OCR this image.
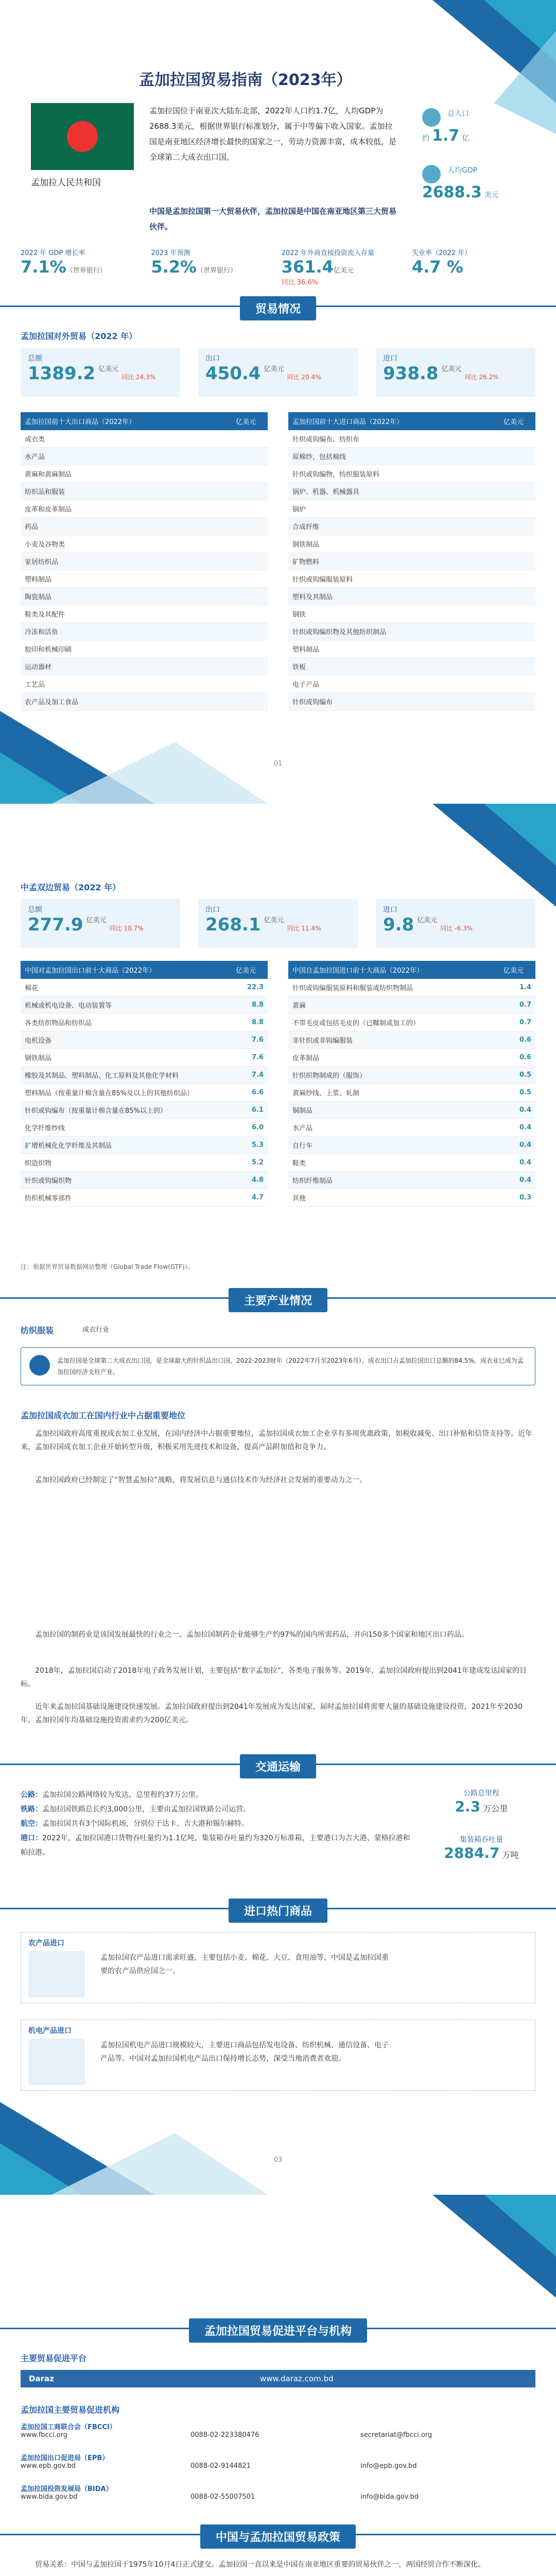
孟加拉国贸易指南（2023年）
孟加拉人民共和国
孟加拉国位于南亚次大陆东北部，2022年人口约1.7亿，人均GDP为2688.3美元，根据世界银行标准划分，属于中等偏下收入国家。孟加拉国是南亚地区经济增长最快的国家之一，劳动力资源丰富，成本较低，是全球第二大成衣出口国。
中国是孟加拉国第一大贸易伙伴，孟加拉国是中国在南亚地区第三大贸易伙伴。
总人口
约 1.7 亿
人均GDP
2688.3 美元
2022 年 GDP 增长率
7.1%（世界银行）
2023 年预测
5.2%（世界银行）
2022 年外商直接投资流入存量
361.4亿美元
同比 36.6%
失业率（2022 年）
4.7 %
贸易情况
孟加拉国对外贸易（2022 年）
总额
1389.2 亿美元同比 24.3%
出口
450.4 亿美元同比 20.4%
进口
938.8 亿美元同比 26.2%
孟加拉国前十大出口商品（2022年）	亿美元
成衣类	
水产品	
黄麻和黄麻制品	
纺织品和服装	
皮革和皮革制品	
药品	
小麦及谷物类	
家居纺织品	
塑料制品	
陶瓷制品	
鞋类及其配件	
冷冻和活鱼	
胶印和机械印刷	
运动器材	
工艺品	
农产品及加工食品	
孟加拉国前十大进口商品（2022年）	亿美元
针织或钩编布、纺织布	
原棉纱，包括棉线	
针织或钩编物，纺织服装原料	
锅炉、机器、机械器具	
锅炉	
合成纤维	
钢铁制品	
矿物燃料	
针织或钩编服装原料	
塑料及其制品	
钢铁	
针织或钩编织物及其他纺织制品	
塑料制品	
铁板	
电子产品	
针织或钩编布	
01
中孟双边贸易（2022 年）
总额
277.9 亿美元同比 10.7%
出口
268.1 亿美元同比 11.4%
进口
9.8 亿美元同比 -6.3%
中国对孟加拉国出口前十大商品（2022年）	亿美元
棉花	22.3
机械或机电设备、电动装置等	8.8
各类纺织物品和纺织品	8.8
电机设备	7.6
钢铁制品	7.6
橡胶及其制品、塑料制品、化工原料及其他化学材料	7.4
塑料制品（按重量计棉含量在85%及以上的其他纺织品）	6.6
针织或钩编布（按重量计棉含量在85%以上的）	6.1
化学纤维纱线	6.0
扩增机械化化学纤维及其制品	5.3
织造织物	5.2
针织或钩编织物	4.8
纺织机械零部件	4.7
中国自孟加拉国进口前十大商品（2022年）	亿美元
针织或钩编服装原料和服装或纺织物制品	1.4
黄麻	0.7
不带毛皮或包括毛皮的（已鞣制或加工的）	0.7
非针织或非钩编服装	0.6
皮革制品	0.6
针织织物制成的（服饰）	0.5
黄麻纱线、上浆、轧制	0.5
铜制品	0.4
水产品	0.4
自行车	0.4
鞋类	0.4
纺织纤维制品	0.4
其他	0.3
注：根据世界贸易数据网站整理（Global Trade Flow(GTF)）。
主要产业情况
纺织服装	成衣行业
孟加拉国是全球第二大成衣出口国，是全球最大的针织品出口国，2022-2023财年（2022年7月至2023年6月），成衣出口占孟加拉国出口总额的84.5%，成衣业已成为孟加拉国经济支柱产业。
孟加拉国成衣加工在国内行业中占据重要地位
孟加拉国政府高度重视成衣加工业发展，在国内经济中占据重要地位，孟加拉国成衣加工企业享有多项优惠政策，如税收减免、出口补贴和信贷支持等。近年来，孟加拉国成衣加工企业开始转型升级，积极采用先进技术和设备，提高产品附加值和竞争力。
孟加拉国政府已经制定了“智慧孟加拉”战略，将发展信息与通信技术作为经济社会发展的重要动力之一。
孟加拉国的制药业是该国发展最快的行业之一。孟加拉国制药企业能够生产约97%的国内所需药品，并向150多个国家和地区出口药品。
2018年，孟加拉国启动了2018年电子政务发展计划，主要包括“数字孟加拉”，各类电子服务等。2019年，孟加拉国政府提出到2041年建成发达国家的目标。
近年来孟加拉国基础设施建设快速发展。孟加拉国政府提出到2041年发展成为发达国家，届时孟加拉国将需要大量的基础设施建设投资，2021年至2030年，孟加拉国年均基础设施投资需求约为200亿美元。
交通运输
公路：孟加拉国公路网络较为发达，总里程约37万公里。
铁路：孟加拉国铁路总长约3,000公里，主要由孟加拉国铁路公司运营。
航空：孟加拉国共有3个国际机场，分别位于达卡、吉大港和锡尔赫特。
港口：2022年，孟加拉国港口货物吞吐量约为1.1亿吨，集装箱吞吐量约为320万标准箱，主要港口为吉大港、蒙格拉港和帕拉港。
公路总里程
2.3 万公里
集装箱吞吐量
2884.7 万吨
进口热门商品
农产品进口
孟加拉国农产品进口需求旺盛，主要包括小麦、棉花、大豆、食用油等，中国是孟加拉国重要的农产品供应国之一。
机电产品进口
孟加拉国机电产品进口规模较大，主要进口商品包括发电设备、纺织机械、通信设备、电子产品等。中国对孟加拉国机电产品出口保持增长态势，深受当地消费者欢迎。
03
孟加拉国贸易促进平台与机构
主要贸易促进平台
Daraz	www.daraz.com.bd
孟加拉国主要贸易促进机构
孟加拉国工商联合会（FBCCI）
www.fbcci.org	0088-02-223380476	secretariat@fbcci.org
孟加拉国出口促进局（EPB）
www.epb.gov.bd	0088-02-9144821	info@epb.gov.bd
孟加拉国投资发展局（BIDA）
www.bida.gov.bd	0088-02-55007501	info@bida.gov.bd
中国与孟加拉国贸易政策
贸易关系：中国与孟加拉国于1975年10月4日正式建交。孟加拉国一直以来是中国在南亚地区重要的贸易伙伴之一，两国经贸合作不断深化。
